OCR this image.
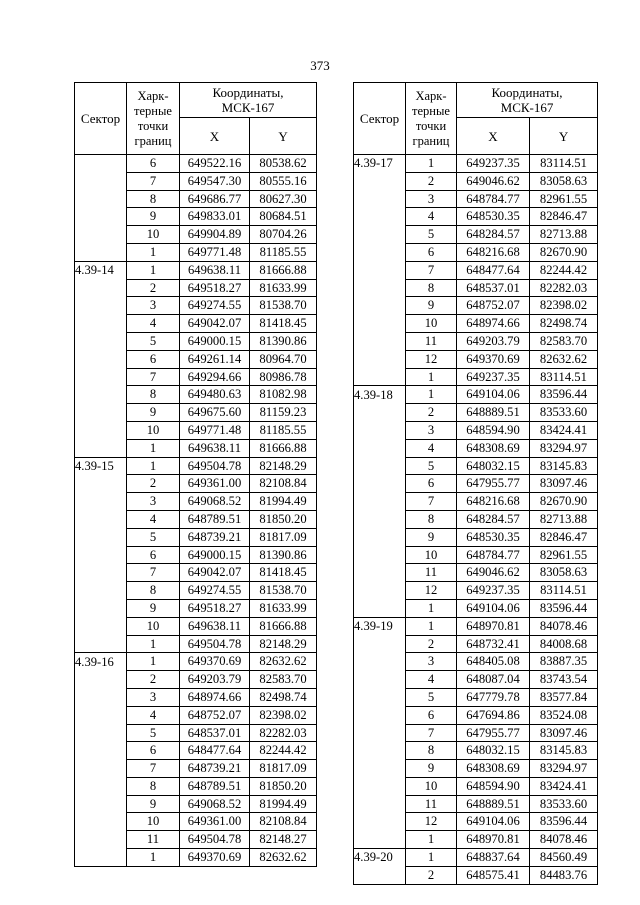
373
Сектор	Харк-
терные
точки
границ	Координаты,
МСК-167	
		X	Y
	6	649522.16	80538.62
	7	649547.30	80555.16
	8	649686.77	80627.30
	9	649833.01	80684.51
	10	649904.89	80704.26
	1	649771.48	81185.55
4.39-14	1	649638.11	81666.88
	2	649518.27	81633.99
	3	649274.55	81538.70
	4	649042.07	81418.45
	5	649000.15	81390.86
	6	649261.14	80964.70
	7	649294.66	80986.78
	8	649480.63	81082.98
	9	649675.60	81159.23
	10	649771.48	81185.55
	1	649638.11	81666.88
4.39-15	1	649504.78	82148.29
	2	649361.00	82108.84
	3	649068.52	81994.49
	4	648789.51	81850.20
	5	648739.21	81817.09
	6	649000.15	81390.86
	7	649042.07	81418.45
	8	649274.55	81538.70
	9	649518.27	81633.99
	10	649638.11	81666.88
	1	649504.78	82148.29
4.39-16	1	649370.69	82632.62
	2	649203.79	82583.70
	3	648974.66	82498.74
	4	648752.07	82398.02
	5	648537.01	82282.03
	6	648477.64	82244.42
	7	648739.21	81817.09
	8	648789.51	81850.20
	9	649068.52	81994.49
	10	649361.00	82108.84
	11	649504.78	82148.27
	1	649370.69	82632.62
Сектор	Харк-
терные
точки
границ	Координаты,
МСК-167	
		X	Y
4.39-17	1	649237.35	83114.51
	2	649046.62	83058.63
	3	648784.77	82961.55
	4	648530.35	82846.47
	5	648284.57	82713.88
	6	648216.68	82670.90
	7	648477.64	82244.42
	8	648537.01	82282.03
	9	648752.07	82398.02
	10	648974.66	82498.74
	11	649203.79	82583.70
	12	649370.69	82632.62
	1	649237.35	83114.51
4.39-18	1	649104.06	83596.44
	2	648889.51	83533.60
	3	648594.90	83424.41
	4	648308.69	83294.97
	5	648032.15	83145.83
	6	647955.77	83097.46
	7	648216.68	82670.90
	8	648284.57	82713.88
	9	648530.35	82846.47
	10	648784.77	82961.55
	11	649046.62	83058.63
	12	649237.35	83114.51
	1	649104.06	83596.44
4.39-19	1	648970.81	84078.46
	2	648732.41	84008.68
	3	648405.08	83887.35
	4	648087.04	83743.54
	5	647779.78	83577.84
	6	647694.86	83524.08
	7	647955.77	83097.46
	8	648032.15	83145.83
	9	648308.69	83294.97
	10	648594.90	83424.41
	11	648889.51	83533.60
	12	649104.06	83596.44
	1	648970.81	84078.46
4.39-20	1	648837.64	84560.49
	2	648575.41	84483.76
